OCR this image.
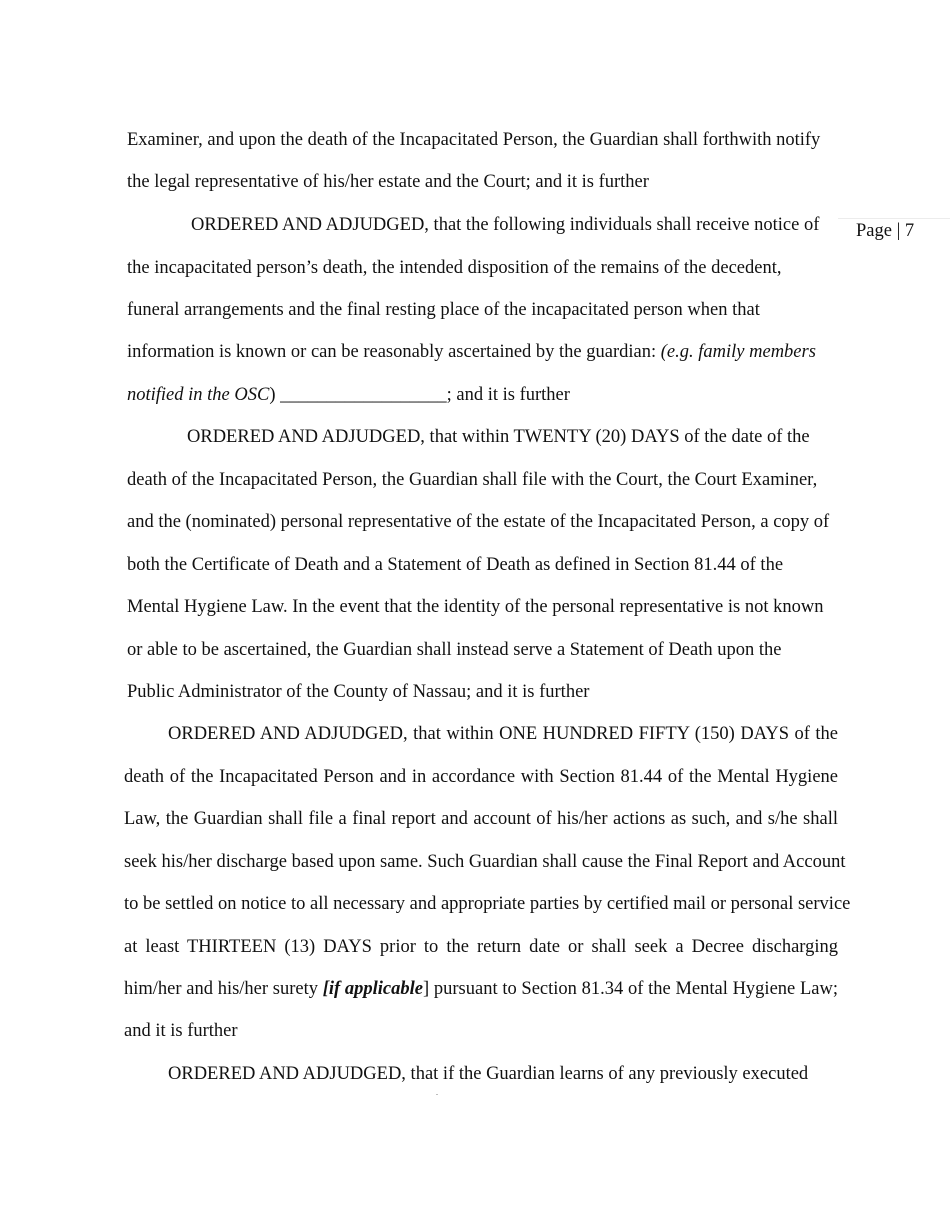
Page | 7
Examiner, and upon the death of the Incapacitated Person, the Guardian shall forthwith notify
the legal representative of his/her estate and the Court; and it is further
ORDERED AND ADJUDGED, that the following individuals shall receive notice of
the incapacitated person’s death, the intended disposition of the remains of the decedent,
funeral arrangements and the final resting place of the incapacitated person when that
information is known or can be reasonably ascertained by the guardian: (e.g. family members
notified in the OSC) __________________; and it is further
ORDERED AND ADJUDGED, that within TWENTY (20) DAYS of the date of the
death of the Incapacitated Person, the Guardian shall file with the Court, the Court Examiner,
and the (nominated) personal representative of the estate of the Incapacitated Person, a copy of
both the Certificate of Death and a Statement of Death as defined in Section 81.44 of the
Mental Hygiene Law. In the event that the identity of the personal representative is not known
or able to be ascertained, the Guardian shall instead serve a Statement of Death upon the
Public Administrator of the County of Nassau; and it is further
ORDERED AND ADJUDGED, that within ONE HUNDRED FIFTY (150) DAYS of the
death of the Incapacitated Person and in accordance with Section 81.44 of the Mental Hygiene
Law, the Guardian shall file a final report and account of his/her actions as such, and s/he shall
seek his/her discharge based upon same. Such Guardian shall cause the Final Report and Account
to be settled on notice to all necessary and appropriate parties by certified mail or personal service
at least THIRTEEN (13) DAYS prior to the return date or shall seek a Decree discharging
him/her and his/her surety [if applicable] pursuant to Section 81.34 of the Mental Hygiene Law;
and it is further
ORDERED AND ADJUDGED, that if the Guardian learns of any previously executed
